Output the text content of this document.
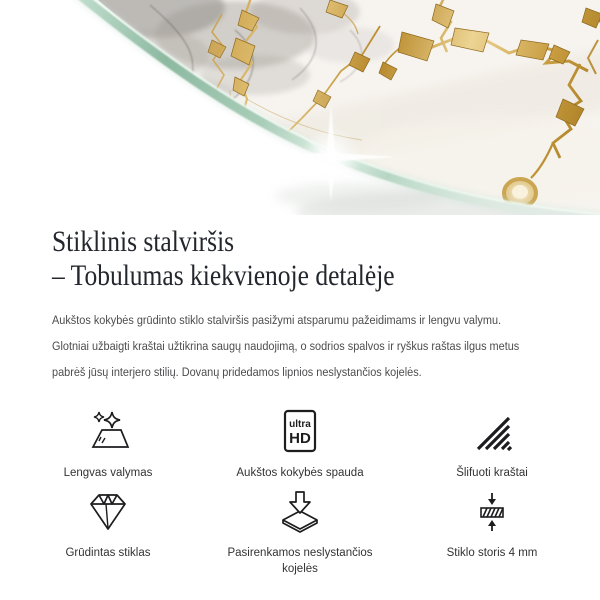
Stiklinis stalviršis
– Tobulumas kiekvienoje detalėje
Aukštos kokybės grūdinto stiklo stalviršis pasižymi atsparumu pažeidimams ir lengvu valymu.
Glotniai užbaigti kraštai užtikrina saugų naudojimą, o sodrios spalvos ir ryškus raštas ilgus metus
pabrėš jūsų interjero stilių. Dovanų pridedamos lipnios neslystančios kojelės.
Lengvas valymas
ultra
HD
Aukštos kokybės spauda	Šlifuoti kraštai
Grūdintas stiklas	Pasirenkamos neslystančios kojelės
Stiklo storis 4 mm
